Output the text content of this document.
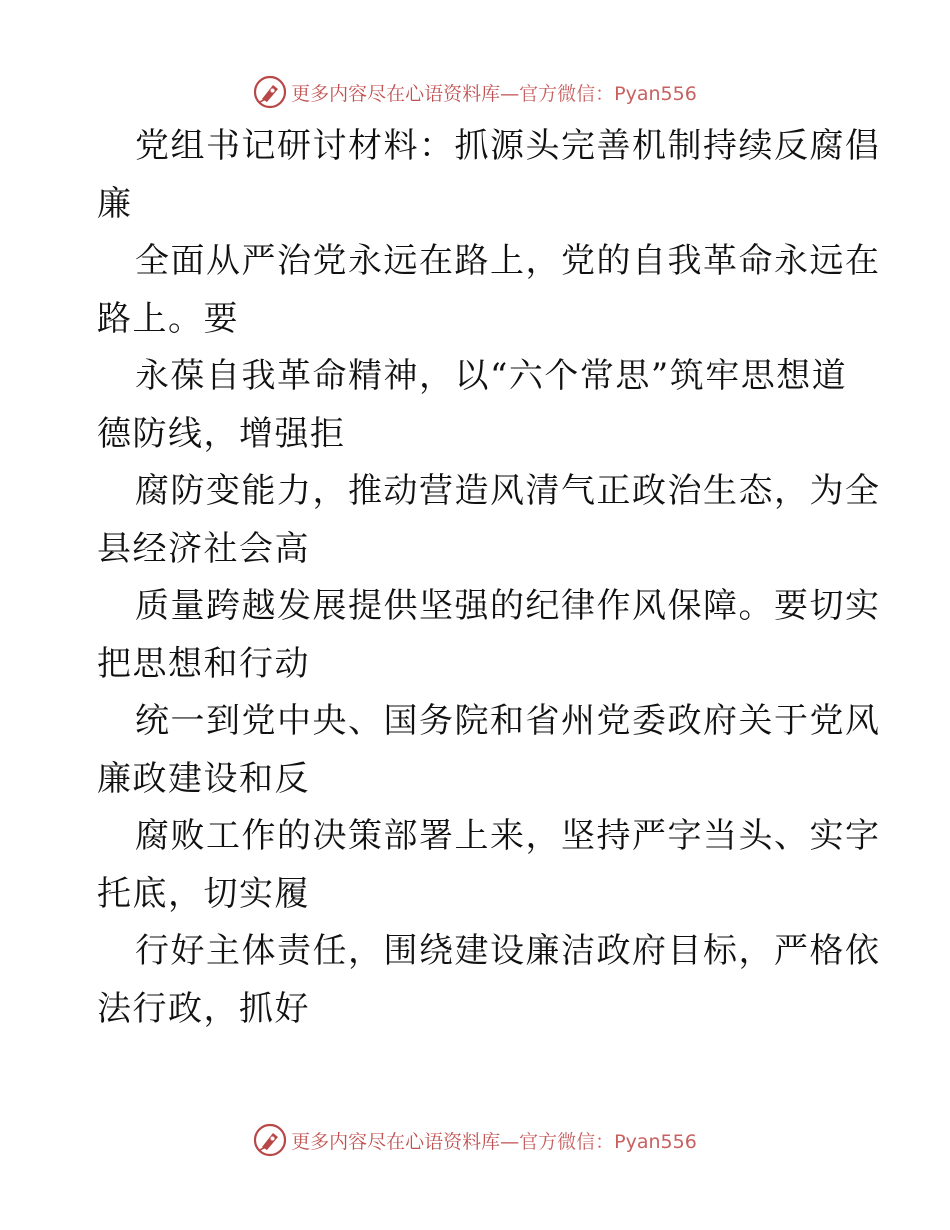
更多内容尽在心语资料库—官方微信：Pyan556
党组书记研讨材料：抓源头完善机制持续反腐倡
廉
全面从严治党永远在路上，党的自我革命永远在
路上。要
永葆自我革命精神，以“六个常思”筑牢思想道
德防线，增强拒
腐防变能力，推动营造风清气正政治生态，为全
县经济社会高
质量跨越发展提供坚强的纪律作风保障。要切实
把思想和行动
统一到党中央、国务院和省州党委政府关于党风
廉政建设和反
腐败工作的决策部署上来，坚持严字当头、实字
托底，切实履
行好主体责任，围绕建设廉洁政府目标，严格依
法行政，抓好
更多内容尽在心语资料库—官方微信：Pyan556
